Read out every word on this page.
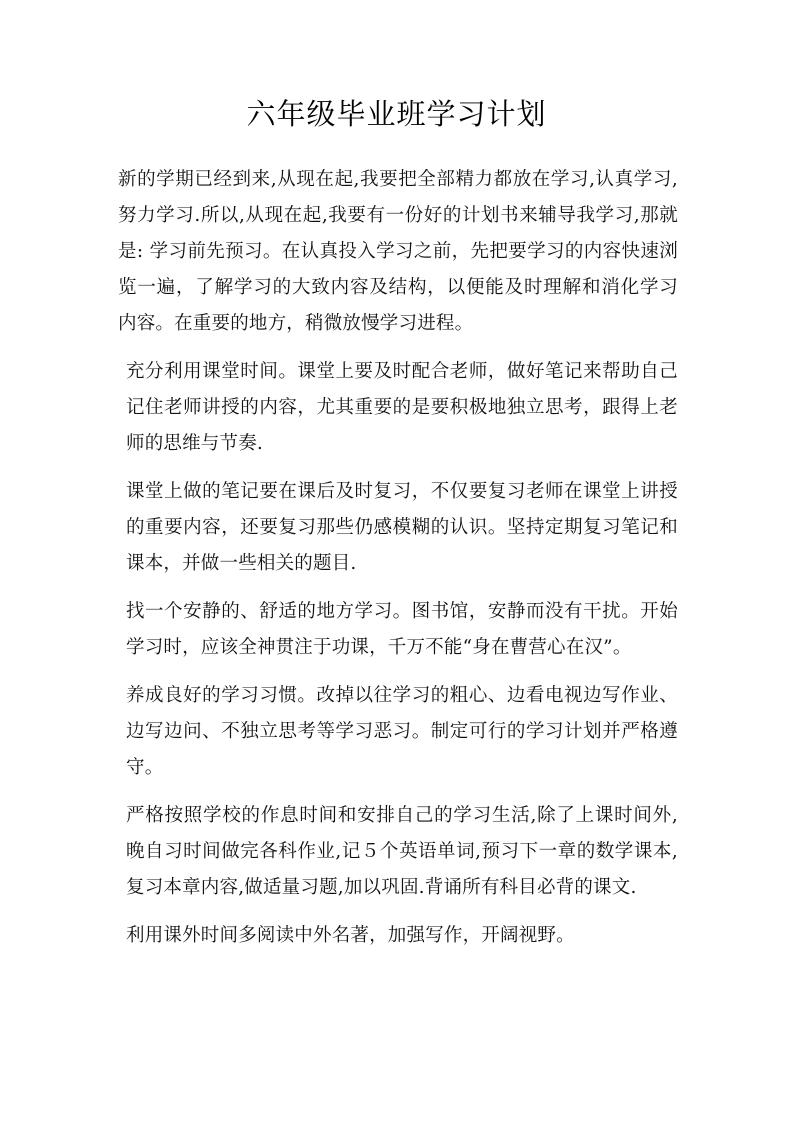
六年级毕业班学习计划

新的学期已经到来,从现在起,我要把全部精力都放在学习,认真学习,努力学习.所以,从现在起,我要有一份好的计划书来辅导我学习,那就是: 学习前先预习。在认真投入学习之前，先把要学习的内容快速浏览一遍，了解学习的大致内容及结构，以便能及时理解和消化学习内容。在重要的地方，稍微放慢学习进程。

充分利用课堂时间。课堂上要及时配合老师，做好笔记来帮助自己记住老师讲授的内容，尤其重要的是要积极地独立思考，跟得上老师的思维与节奏.

课堂上做的笔记要在课后及时复习，不仅要复习老师在课堂上讲授的重要内容，还要复习那些仍感模糊的认识。坚持定期复习笔记和课本，并做一些相关的题目.

找一个安静的、舒适的地方学习。图书馆，安静而没有干扰。开始学习时，应该全神贯注于功课，千万不能“身在曹营心在汉”。

养成良好的学习习惯。改掉以往学习的粗心、边看电视边写作业、边写边问、不独立思考等学习恶习。制定可行的学习计划并严格遵守。

严格按照学校的作息时间和安排自己的学习生活,除了上课时间外,晚自习时间做完各科作业,记５个英语单词,预习下一章的数学课本,复习本章内容,做适量习题,加以巩固.背诵所有科目必背的课文.

利用课外时间多阅读中外名著，加强写作，开阔视野。
